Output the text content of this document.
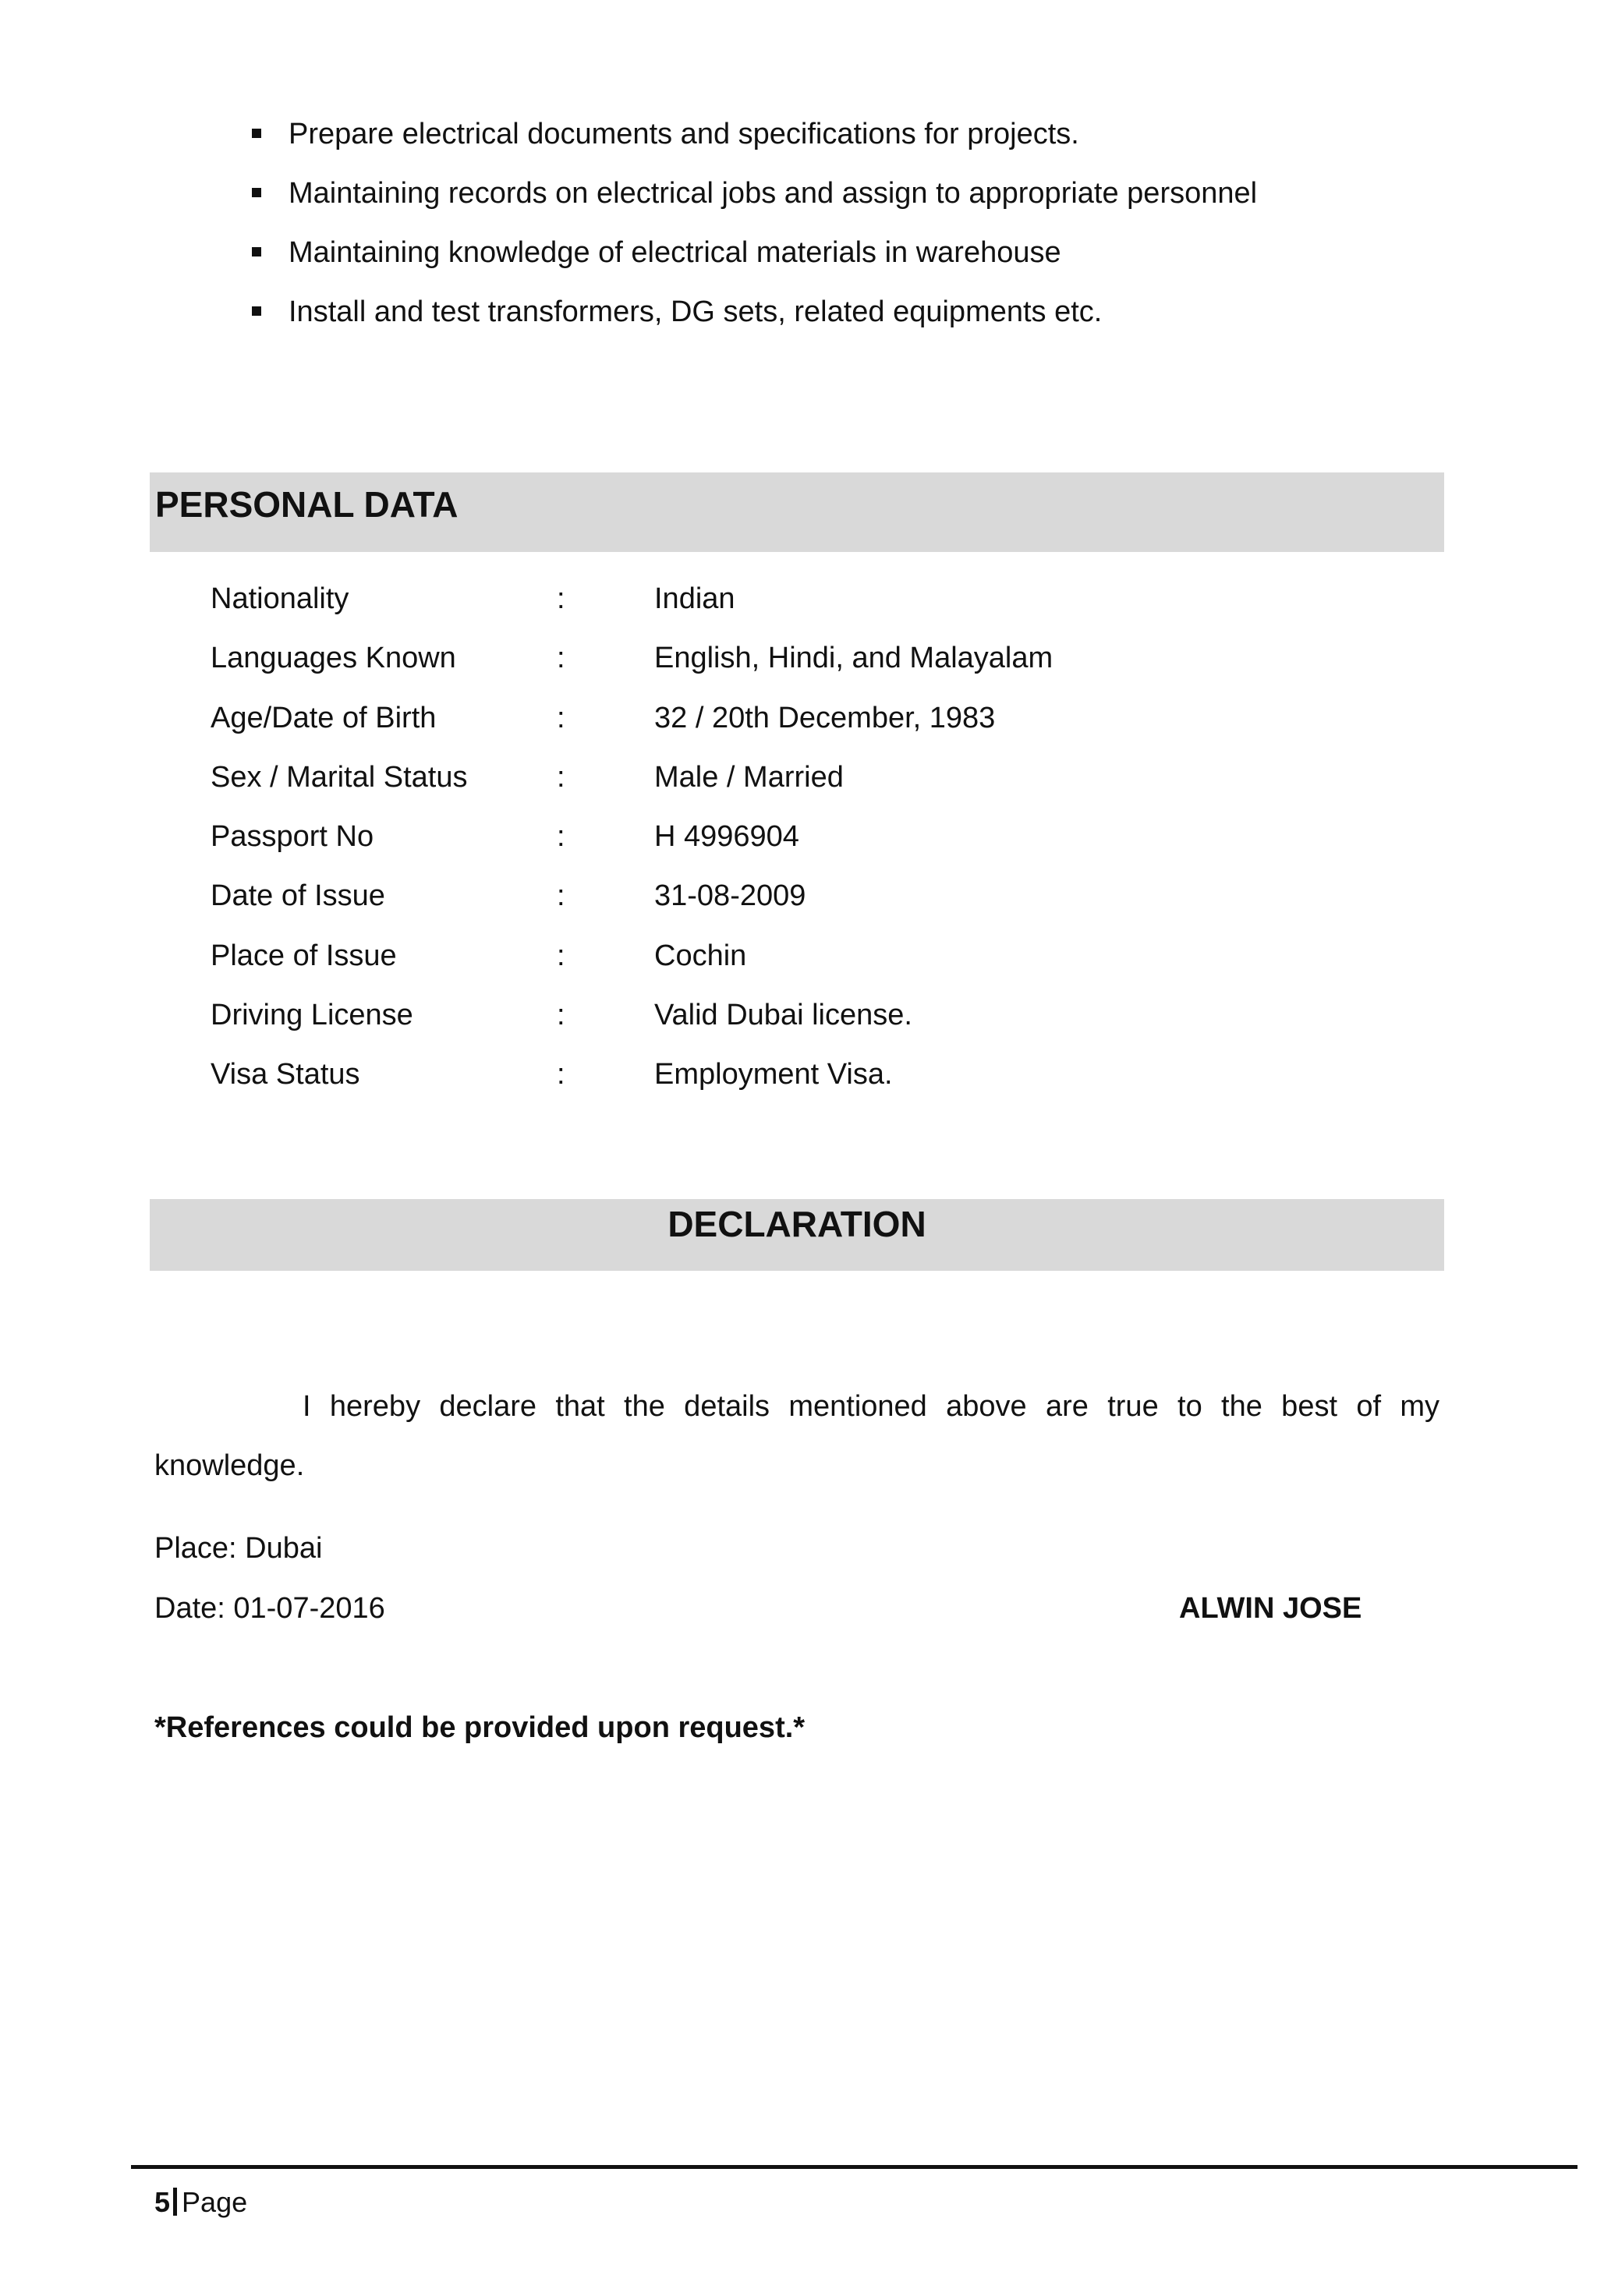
Prepare electrical documents and specifications for projects.
Maintaining records on electrical jobs and assign to appropriate personnel
Maintaining knowledge of electrical materials in warehouse
Install and test transformers, DG sets, related equipments etc.
PERSONAL DATA
Nationality	:	Indian
Languages Known	:	English, Hindi, and Malayalam
Age/Date of Birth	:	32 / 20th December, 1983
Sex / Marital Status	:	Male / Married
Passport No	:	H 4996904
Date of Issue	:	31-08-2009
Place of Issue	:	Cochin
Driving License	:	Valid Dubai license.
Visa Status	:	Employment Visa.
DECLARATION

I hereby declare that the details mentioned above are true to the best of my knowledge.

Place: Dubai
Date: 01-07-2016	ALWIN JOSE
*References could be provided upon request.*
5 Page
